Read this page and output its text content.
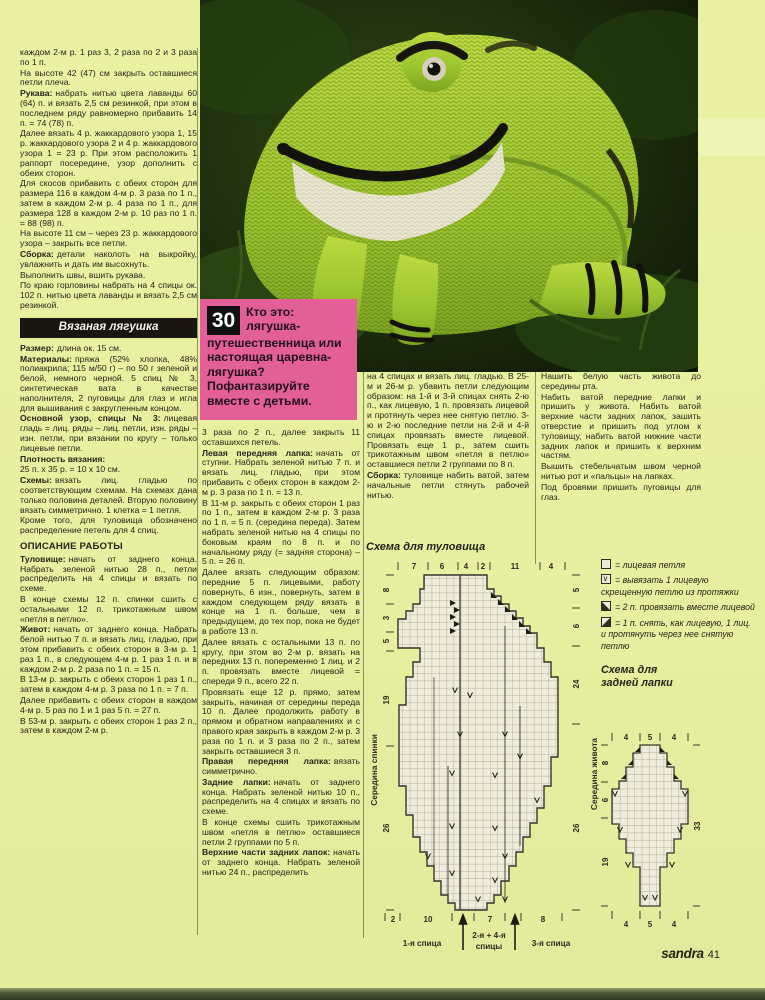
30 Кто это: лягушка-путешественница или настоящая царевна-лягушка? Пофантазируйте вместе с детьми.

каждом 2-м р. 1 раз 3, 2 раза по 2 и 3 раза по 1 п.

На высоте 42 (47) см закрыть оставшиеся петли плеча.

Рукава: набрать нитью цвета лаванды 60 (64) п. и вязать 2,5 см резинкой, при этом в последнем ряду равномерно прибавить 14 п. = 74 (78) п.

Далее вязать 4 р. жаккардового узора 1, 15 р. жаккардового узора 2 и 4 р. жаккардового узора 1 = 23 р. При этом расположить 1 раппорт посередине, узор дополнить с обеих сторон.

Для скосов прибавить с обеих сторон для размера 116 в каждом 4-м р. 3 раза по 1 п., затем в каждом 2-м р. 4 раза по 1 п., для размера 128 в каждом 2-м р. 10 раз по 1 п. = 88 (98) п.

На высоте 11 см – через 23 р. жаккардового узора – закрыть все петли.

Сборка: детали наколоть на выкройку, увлажнить и дать им высохнуть.

Выполнить швы, вшить рукава.

По краю горловины набрать на 4 спицы ок. 102 п. нитью цвета лаванды и вязать 2,5 см резинкой.

Вязаная лягушка

Размер: длина ок. 15 см.

Материалы: пряжа (52% хлопка, 48% полиакрила; 115 м/50 г) – по 50 г зеленой и белой, немного черной. 5 спиц № 3, синтетическая вата в качестве наполнителя, 2 пуговицы для глаз и игла для вышивания с закругленным концом.

Основной узор, спицы № 3: лицевая гладь = лиц. ряды – лиц. петли, изн. ряды – изн. петли, при вязании по кругу – только лицевые петли.

Плотность вязания:

25 п. x 35 р. = 10 x 10 см.

Схемы: вязать лиц. гладью по соответствующим схемам. На схемах дана только половина деталей. Вторую половину вязать симметрично. 1 клетка = 1 петля.

Кроме того, для туловища обозначено распределение петель для 4 спиц.

ОПИСАНИЕ РАБОТЫ

Туловище: начать от заднего конца. Набрать зеленой нитью 28 п., петли распределить на 4 спицы и вязать по схеме.

В конце схемы 12 п. спинки сшить с остальными 12 п. трикотажным швом «петля в петлю».

Живот: начать от заднего конца. Набрать белой нитью 7 п. и вязать лиц. гладью, при этом прибавить с обеих сторон в 3-м р. 1 раз 1 п., в следующем 4-м р. 1 раз 1 п. и в каждом 2-м р. 2 раза по 1 п. = 15 п.

В 13-м р. закрыть с обеих сторон 1 раз 1 п., затем в каждом 4-м р. 3 раза по 1 п. = 7 п.

Далее прибавить с обеих сторон в каждом 4-м р. 5 раз по 1 и 1 раз 5 п. = 27 п.

В 53-м р. закрыть с обеих сторон 1 раз 2 п., затем в каждом 2-м р.

3 раза по 2 п., далее закрыть 11 оставшихся петель.

Левая передняя лапка: начать от ступни. Набрать зеленой нитью 7 п. и вязать лиц. гладью, при этом прибавить с обеих сторон в каждом 2-м р. 3 раза по 1 п. = 13 п.

В 11-м р. закрыть с обеих сторон 1 раз по 1 п., затем в каждом 2-м р. 3 раза по 1 п. = 5 п. (середина переда). Затем набрать зеленой нитью на 4 спицы по боковым краям по 8 п. и по начальному ряду (= задняя сторона) – 5 п. = 26 п.

Далее вязать следующим образом: передние 5 п. лицевыми, работу повернуть, 6 изн., повернуть, затем в каждом следующем ряду вязать в конце на 1 п. больше, чем в предыдущем, до тех пор, пока не будет в работе 13 п.

Далее вязать с остальными 13 п. по кругу, при этом во 2-м р. вязать на передних 13 п. попеременно 1 лиц. и 2 п. провязать вместе лицевой = спереди 9 п., всего 22 п.

Провязать еще 12 р. прямо, затем закрыть, начиная от середины переда 10 п. Далее продолжить работу в прямом и обратном направлениях и с правого края закрыть в каждом 2-м р. 3 раза по 1 п. и 3 раза по 2 п., затем закрыть оставшиеся 3 п.

Правая передняя лапка: вязать симметрично.

Задние лапки: начать от заднего конца. Набрать зеленой нитью 10 п., распределить на 4 спицах и вязать по схеме.

В конце схемы сшить трикотажным швом «петля в петлю» оставшиеся петли 2 группами по 5 п.

Верхние части задних лапок: начать от заднего конца. Набрать зеленой нитью 24 п., распределить

на 4 спицах и вязать лиц. гладью. В 25-м и 26-м р. убавить петли следующим образом: на 1-й и 3-й спицах снять 2-ю п., как лицевую, 1 п. провязать лицевой и протянуть через нее снятую петлю. 3-ю и 2-ю последние петли на 2-й и 4-й спицах провязать вместе лицевой. Провязать еще 1 р., затем сшить трикотажным швом «петля в петлю» оставшиеся петли 2 группами по 8 п.

Сборка: туловище набить ватой, затем начальные петли стянуть рабочей нитью.

Нашить белую часть живота до середины рта.

Набить ватой передние лапки и пришить у живота. Набить ватой верхние части задних лапок, зашить отверстие и пришить под углом к туловищу, набить ватой нижние части задних лапок и пришить к верхним частям.

Вышить стебельчатым швом черной нитью рот и «пальцы» на лапках.

Под бровями пришить пуговицы для глаз.

Схема для туловища
7	6 4 2	11	4
2	10	7	8
8
3
5
19
26
5
6
24
26
Середина спинки	Середина живота
1-я спица
2-я + 4-я
спицы	3-я спица
= лицевая петля
∨= вывязать 1 лицевую скрещенную петлю из протяжки
= 2 п. провязать вместе лицевой
= 1 п. снять, как лицевую, 1 лиц. и протянуть через нее снятую петлю
Схема для
задней лапки
4 5 4
4 5 4
8
6
19
33
sandra 41
